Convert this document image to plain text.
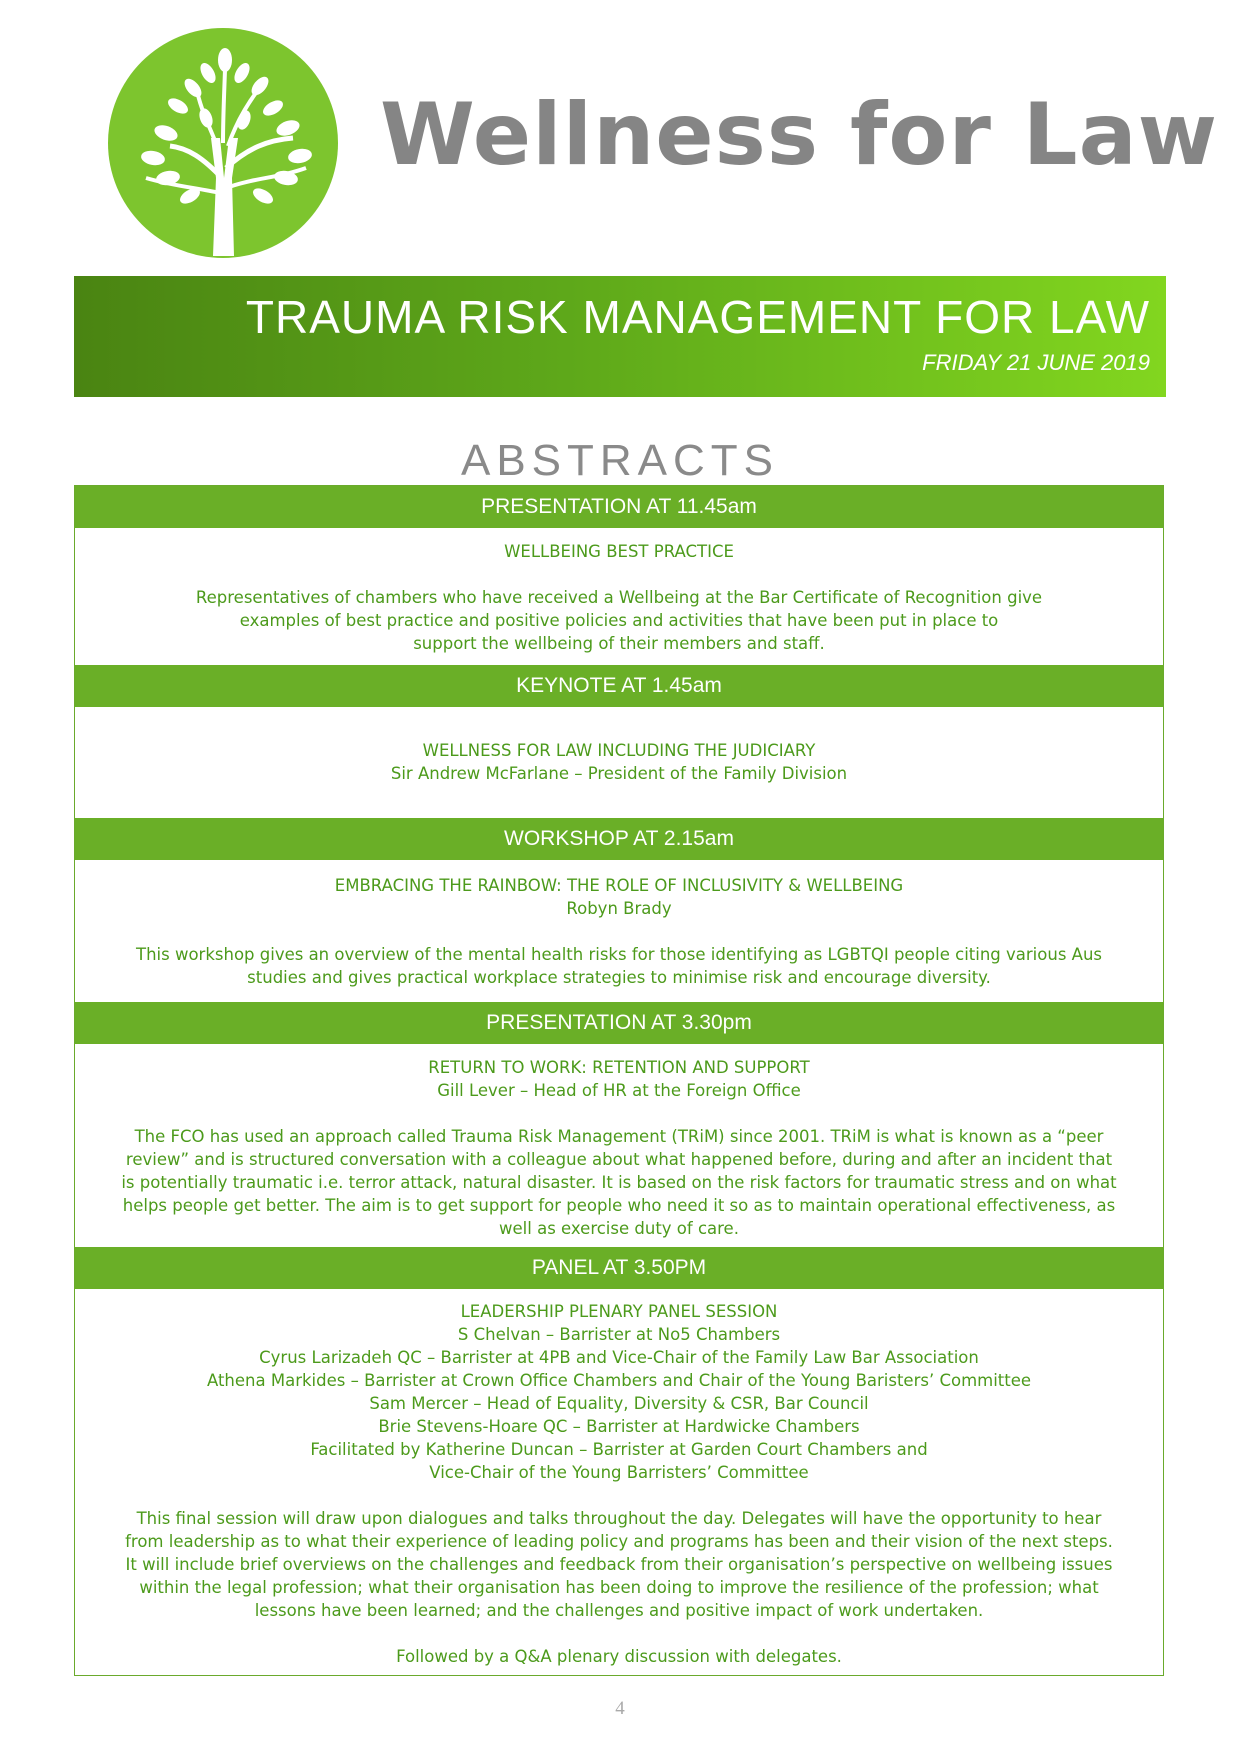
Wellness for Law
TRAUMA RISK MANAGEMENT FOR LAW
FRIDAY 21 JUNE 2019
ABSTRACTS
PRESENTATION AT 11.45am

WELLBEING BEST PRACTICE

Representatives of chambers who have received a Wellbeing at the Bar Certificate of Recognition give

examples of best practice and positive policies and activities that have been put in place to

support the wellbeing of their members and staff.

KEYNOTE AT 1.45am

WELLNESS FOR LAW INCLUDING THE JUDICIARY

Sir Andrew McFarlane – President of the Family Division

WORKSHOP AT 2.15am

EMBRACING THE RAINBOW: THE ROLE OF INCLUSIVITY & WELLBEING

Robyn Brady

This workshop gives an overview of the mental health risks for those identifying as LGBTQI people citing various Aus

studies and gives practical workplace strategies to minimise risk and encourage diversity.

PRESENTATION AT 3.30pm

RETURN TO WORK: RETENTION AND SUPPORT

Gill Lever – Head of HR at the Foreign Office

The FCO has used an approach called Trauma Risk Management (TRiM) since 2001. TRiM is what is known as a “peer

review” and is structured conversation with a colleague about what happened before, during and after an incident that

is potentially traumatic i.e. terror attack, natural disaster. It is based on the risk factors for traumatic stress and on what

helps people get better. The aim is to get support for people who need it so as to maintain operational effectiveness, as

well as exercise duty of care.

PANEL AT 3.50PM

LEADERSHIP PLENARY PANEL SESSION

S Chelvan – Barrister at No5 Chambers

Cyrus Larizadeh QC – Barrister at 4PB and Vice-Chair of the Family Law Bar Association

Athena Markides – Barrister at Crown Office Chambers and Chair of the Young Baristers’ Committee

Sam Mercer – Head of Equality, Diversity & CSR, Bar Council

Brie Stevens-Hoare QC – Barrister at Hardwicke Chambers

Facilitated by Katherine Duncan – Barrister at Garden Court Chambers and

Vice-Chair of the Young Barristers’ Committee

This final session will draw upon dialogues and talks throughout the day. Delegates will have the opportunity to hear

from leadership as to what their experience of leading policy and programs has been and their vision of the next steps.

It will include brief overviews on the challenges and feedback from their organisation’s perspective on wellbeing issues

within the legal profession; what their organisation has been doing to improve the resilience of the profession; what

lessons have been learned; and the challenges and positive impact of work undertaken.

Followed by a Q&A plenary discussion with delegates.

4
